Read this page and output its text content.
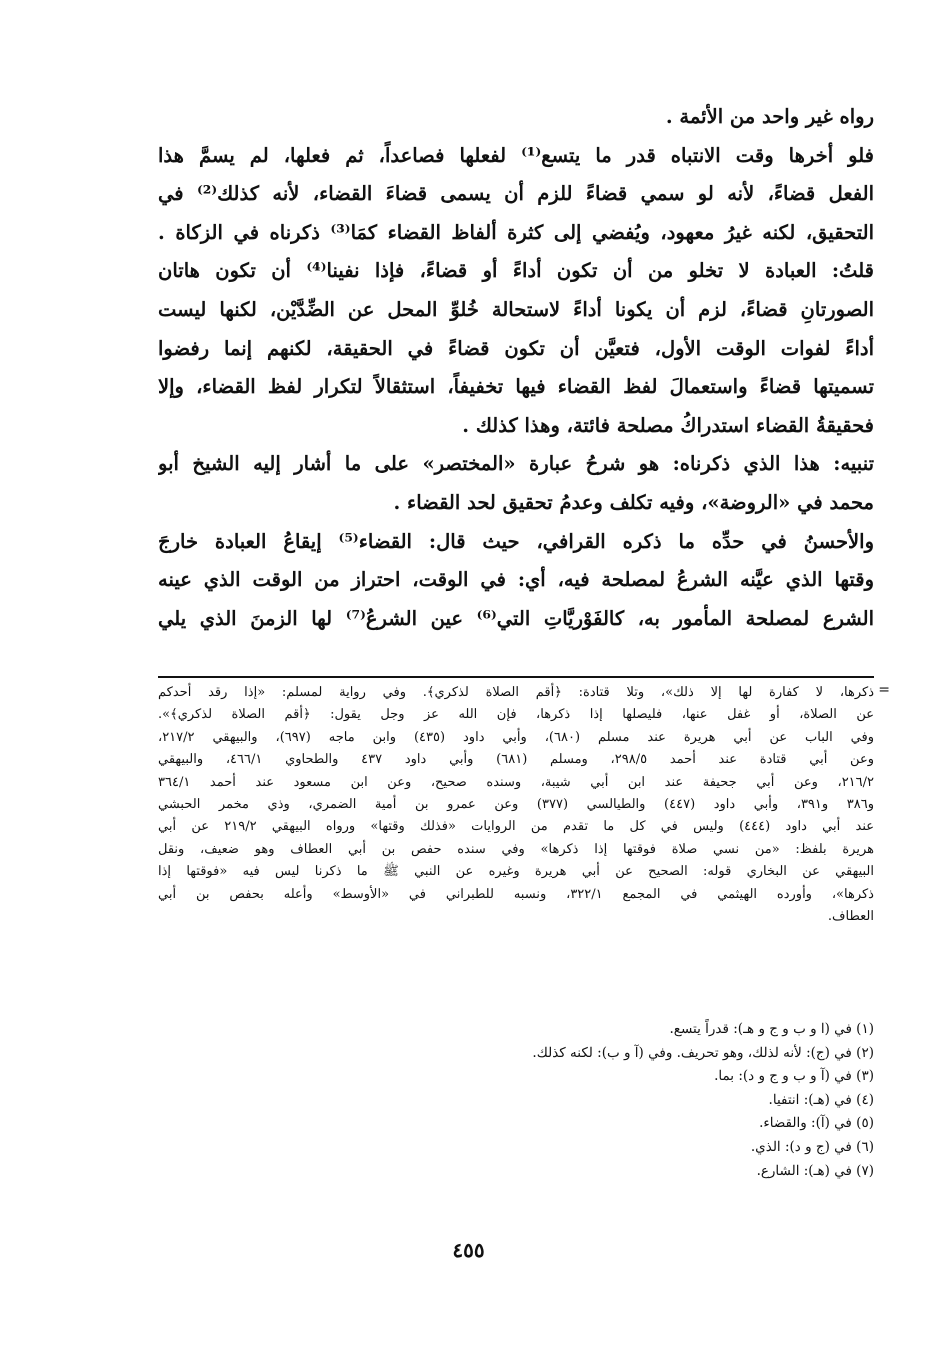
رواه غير واحد من الأئمة .
فلو أخرها وقت الانتباه قدر ما يتسع⁽¹⁾ لفعلها فصاعداً، ثم فعلها، لم يسمَّ هذا
الفعل قضاءً، لأنه لو سمي قضاءً للزم أن يسمى قضاءَ القضاء، لأنه كذلك⁽²⁾ في
التحقيق، لكنه غيرُ معهود، ويُفضي إلى كثرة ألفاظ القضاء كمَا⁽³⁾ ذكرناه في الزكاة .
قلتُ: العبادة لا تخلو من أن تكون أداءً أو قضاءً، فإذا نفينا⁽⁴⁾ أن تكون هاتان
الصورتانِ قضاءً، لزم أن يكونا أداءً لاستحالة خُلوِّ المحل عن الضِّدَّيْن، لكنها ليست
أداءً لفوات الوقت الأول، فتعيَّن أن تكون قضاءً في الحقيقة، لكنهم إنما رفضوا
تسميتها قضاءً واستعمالَ لفظ القضاء فيها تخفيفاً، استثقالاً لتكرار لفظ القضاء، وإلا
فحقيقةُ القضاء استدراكُ مصلحة فائتة، وهذا كذلك .
تنبيه: هذا الذي ذكرناه: هو شرحُ عبارة «المختصر» على ما أشار إليه الشيخ أبو
محمد في «الروضة»، وفيه تكلف وعدمُ تحقيق لحد القضاء .
والأحسنُ في حدِّه ما ذكره القرافي، حيث قال: القضاء⁽⁵⁾ إيقاعُ العبادة خارجَ
وقتها الذي عيَّنه الشرعُ لمصلحة فيه، أي: في الوقت، احتراز من الوقت الذي عينه
الشرع لمصلحة المأمور به، كالفَوْريَّاتِ التي⁽⁶⁾ عين الشرعُ⁽⁷⁾ لها الزمنَ الذي يلي
=
ذكرها، لا كفارة لها إلا ذلك»، وتلا قتادة: ﴿أقم الصلاة لذكري﴾. وفي رواية لمسلم: «إذا رقد أحدكم
عن الصلاة، أو غفل عنها، فليصلها إذا ذكرها، فإن الله عز وجل يقول: ﴿أقم الصلاة لذكري﴾».
وفي الباب عن أبي هريرة عند مسلم (٦٨٠)، وأبي داود (٤٣٥) وابن ماجه (٦٩٧)، والبيهقي ٢١٧/٢،
وعن أبي قتادة عند أحمد ٢٩٨/٥، ومسلم (٦٨١) وأبي داود ٤٣٧ والطحاوي ٤٦٦/١، والبيهقي
٢١٦/٢، وعن أبي جحيفة عند ابن أبي شيبة، وسنده صحيح، وعن ابن مسعود عند أحمد ٣٦٤/١
و٣٨٦ و٣٩١، وأبي داود (٤٤٧) والطيالسي (٣٧٧) وعن عمرو بن أمية الضمري، وذي مخمر الحبشي
عند أبي داود (٤٤٤) وليس في كل ما تقدم من الروايات «فذلك وقتها» ورواه البيهقي ٢١٩/٢ عن أبي
هريرة بلفظ: «من نسي صلاة فوقتها إذا ذكرها» وفي سنده حفص بن أبي العطاف وهو ضعيف، ونقل
البيهقي عن البخاري قوله: الصحيح عن أبي هريرة وغيره عن النبي ﷺ ما ذكرنا ليس فيه «فوقتها إذا
ذكرها»، وأورده الهيثمي في المجمع ٣٢٢/١، ونسبه للطبراني في «الأوسط» وأعله بحفص بن أبي
العطاف.
(١) في (ا و ب و ج و هـ): قدراً يتسع.
(٢) في (ج): لأنه لذلك، وهو تحريف. وفي (آ و ب): لكنه كذلك.
(٣) في (آ و ب و ج و د): بما.
(٤) في (هـ): انتفيا.
(٥) في (آ): والقضاء.
(٦) في (ج و د): الذي.
(٧) في (هـ): الشارع.
٤٥٥
